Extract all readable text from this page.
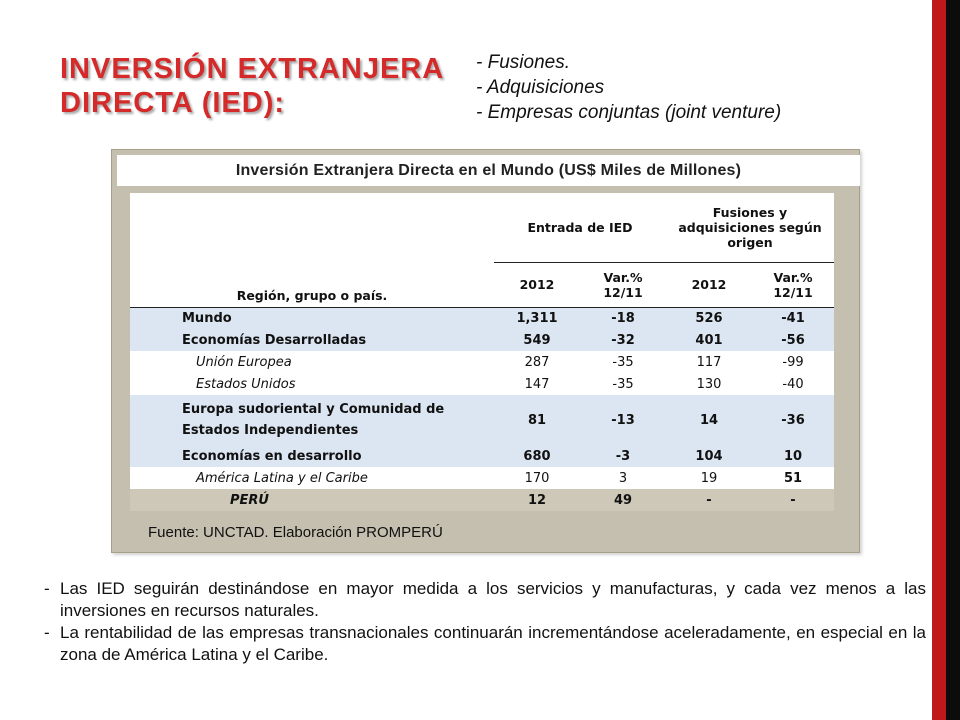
INVERSIÓN EXTRANJERA DIRECTA (IED):
- Fusiones.
- Adquisiciones
- Empresas conjuntas (joint venture)
Inversión Extranjera Directa en el Mundo (US$ Miles de Millones)
Región, grupo o país.	Entrada de IED		Fusiones y adquisiciones según origen	
	2012	Var.% 12/11	2012	Var.% 12/11
Mundo	1,311	-18	526	-41
Economías Desarrolladas	549	-32	401	-56
Unión Europea	287	-35	117	-99
Estados Unidos	147	-35	130	-40
Europa sudoriental y Comunidad de Estados Independientes	81	-13	14	-36
Economías en desarrollo	680	-3	104	10
América Latina y el Caribe	170	3	19	51
PERÚ	12	49	-	-
Fuente: UNCTAD. Elaboración PROMPERÚ
- Las IED seguirán destinándose en mayor medida a los servicios y manufacturas, y cada vez menos a las inversiones en recursos naturales.
- La rentabilidad de las empresas transnacionales continuarán incrementándose aceleradamente, en especial en la zona de América Latina y el Caribe.
